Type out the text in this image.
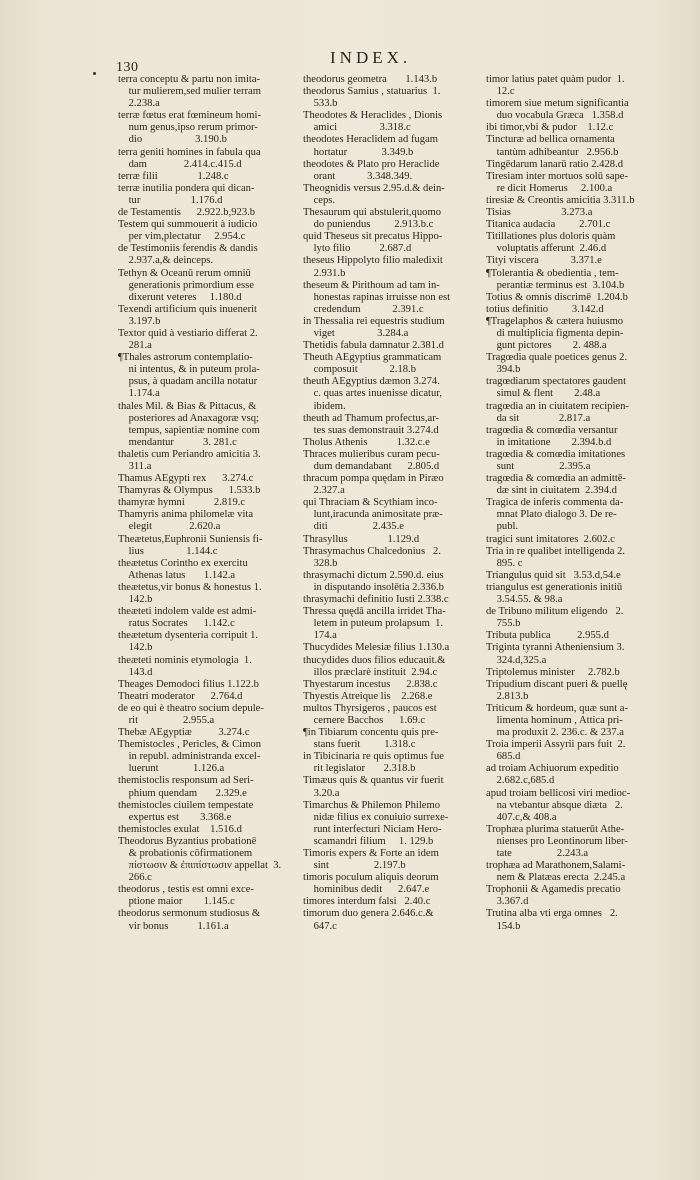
130
INDEX.
terra conceptu & partu non imita-
tur mulierem,sed mulier terram
2.238.a
terræ fœtus erat fœmineum homi-
num genus,ipso rerum primor-
dio                    3.190.b
terra geniti homines in fabula qua
dam              2.414.c.415.d
terræ filii               1.248.c
terræ inutilia pondera qui dican-
tur                   1.176.d
de Testamentis      2.922.b,923.b
Testem qui summouerit à iudicio
per vim,plectatur     2.954.c
de Testimoniis ferendis & dandis
2.937.a,& deinceps.
Tethyn & Oceanū rerum omniū
generationis primordium esse
dixerunt veteres     1.180.d
Texendi artificium quis inuenerit
3.197.b
Textor quid à vestiario differat 2.
281.a
¶Thales astrorum contemplatio-
ni intentus, & in puteum prola-
psus, à quadam ancilla notatur
1.174.a
thales Mil. & Bias & Pittacus, &
posteriores ad Anaxagoræ vsq;
tempus, sapientiæ nomine com
mendantur           3. 281.c
thaletis cum Periandro amicitia 3.
311.a
Thamus AEgypti rex      3.274.c
Thamyras & Olympus      1.533.b
thamyræ hymni           2.819.c
Thamyris anima philomelæ vita
elegit              2.620.a
Theætetus,Euphronii Suniensis fi-
lius                1.144.c
theætetus Corintho ex exercitu
Athenas latus       1.142.a
theætetus,vir bonus & honestus 1.
142.b
theæteti indolem valde est admi-
ratus Socrates      1.142.c
theætetum dysenteria corripuit 1.
142.b
theæteti nominis etymologia  1.
143.d
Theages Demodoci filius 1.122.b
Theatri moderator      2.764.d
de eo qui è theatro socium depule-
rit                 2.955.a
Thebæ AEgyptiæ          3.274.c
Themistocles , Pericles, & Cimon
in republ. administranda excel-
luerunt             1.126.a
themistoclis responsum ad Seri-
phium quendam       2.329.e
themistocles ciuilem tempestate
expertus est        3.368.e
themistocles exulat    1.516.d
Theodorus Byzantius probationē
& probationis cōfirmationem
πίστωσιν & ἐπιπίστωσιν appellat  3.
266.c
theodorus , testis est omni exce-
ptione maior        1.145.c
theodorus sermonum studiosus &
vir bonus           1.161.a
theodorus geometra       1.143.b
theodorus Samius , statuarius  1.
533.b
Theodotes & Heraclides , Dionis
amici                3.318.c
theodotes Heraclidem ad fugam
hortatur             3.349.b
theodotes & Plato pro Heraclide
orant            3.348.349.
Theognidis versus 2.95.d.& dein-
ceps.
Thesaurum qui abstulerit,quomo
do puniendus         2.913.b.c
quid Theseus sit precatus Hippo-
lyto filio           2.687.d
theseus Hippolyto filio maledixit
2.931.b
theseum & Pirithoum ad tam in-
honestas rapinas irruisse non est
credendum            2.391.c
in Thessalia rei equestris studium
viget                3.284.a
Thetidis fabula damnatur 2.381.d
Theuth AEgyptius grammaticam
composuit            2.18.b
theuth AEgyptius dæmon 3.274.
c. quas artes inuenisse dicatur,
ibidem.
theuth ad Thamum profectus,ar-
tes suas demonstrauit 3.274.d
Tholus Athenis           1.32.c.e
Thraces mulieribus curam pecu-
dum demandabant      2.805.d
thracum pompa quędam in Piræo
2.327.a
qui Thraciam & Scythiam incο-
lunt,iracunda animositate præ-
diti                 2.435.e
Thrasyllus               1.129.d
Thrasymachus Chalcedonius   2.
328.b
thrasymachi dictum 2.590.d. eius
in disputando insolētia 2.336.b
thrasymachi definitio Iusti 2.338.c
Thressa quędā ancilla irridet Tha-
letem in puteum prolapsum  1.
174.a
Thucydides Melesiæ filius 1.130.a
thucydides duos filios educauit.&
illos præclarè instituit  2.94.c
Thyestarum incestus      2.838.c
Thyestis Atreique lis    2.268.e
multos Thyrsigeros , paucos est
cernere Bacchos      1.69.c
¶in Tibiarum concentu quis pre-
stans fuerit         1.318.c
in Tibicinaria re quis optimus fue
rit legislator       2.318.b
Timæus quis & quantus vir fuerit
3.20.a
Timarchus & Philemon Philemo
nidæ filius ex conuiuio surrexe-
runt interfecturi Niciam Hero-
scamandri filium     1. 129.b
Timoris expers & Forte an idem
sint                 2.197.b
timoris poculum aliquis deorum
hominibus dedit      2.647.e
timores interdum falsi   2.40.c
timorum duo genera 2.646.c.&
647.c
timor latius patet quàm pudor  1.
12.c
timorem siue metum significantia
duo vocabula Græca   1.358.d
ibi timor,vbi & pudor    1.12.c
Tincturæ ad bellica ornamenta
tantùm adhibeantur   2.956.b
Tingēdarum lanarū ratio 2.428.d
Tiresiam inter mortuos solū sape-
re dicit Homerus     2.100.a
tiresiæ & Creontis amicitia 3.311.b
Tisias                   3.273.a
Titanica audacia         2.701.c
Titillationes plus doloris quàm
voluptatis afferunt  2.46.d
Tityi viscera            3.371.e
¶Tolerantia & obedientia , tem-
perantiæ terminus est  3.104.b
Totius & omnis discrimē  1.204.b
totius definitio         3.142.d
¶Tragelaphos & cætera huiusmo
di multiplicia figmenta depin-
gunt pictores        2. 488.a
Tragœdia quale poetices genus 2.
394.b
tragœdiarum spectatores gaudent
simul & flent        2.48.a
tragœdia an in ciuitatem recipien-
da sit               2.817.a
tragœdia & comœdia versantur
in imitatione        2.394.b.d
tragœdia & comœdia imitationes
sunt                 2.395.a
tragœdia & comœdia an admittē-
dæ sint in ciuitatem  2.394.d
Tragica de inferis commenta da-
mnat Plato dialogo 3. De re-
publ.
tragici sunt imitatores  2.602.c
Tria in re qualibet intelligenda 2.
895. c
Triangulus quid sit   3.53.d,54.e
triangulus est generationis initiū
3.54.55. & 98.a
de Tribuno militum eligendo   2.
755.b
Tributa publica          2.955.d
Triginta tyranni Atheniensium 3.
324.d,325.a
Triptolemus minister     2.782.b
Tripudium discant pueri & puellę
2.813.b
Triticum & hordeum, quæ sunt a-
limenta hominum , Attica pri-
ma produxit 2. 236.c. & 237.a
Troia imperii Assyrii pars fuit  2.
685.d
ad troiam Achiuorum expeditio
2.682.c,685.d
apud troiam bellicosi viri medioc-
na vtebantur absque diæta   2.
407.c,& 408.a
Trophæa plurima statuerūt Athe-
nienses pro Leontinorum liber-
tate                 2.243.a
trophæa ad Marathonem,Salami-
nem & Platæas erecta  2.245.a
Trophonii & Agamedis precatio
3.367.d
Trutina alba vti erga omnes   2.
154.b
